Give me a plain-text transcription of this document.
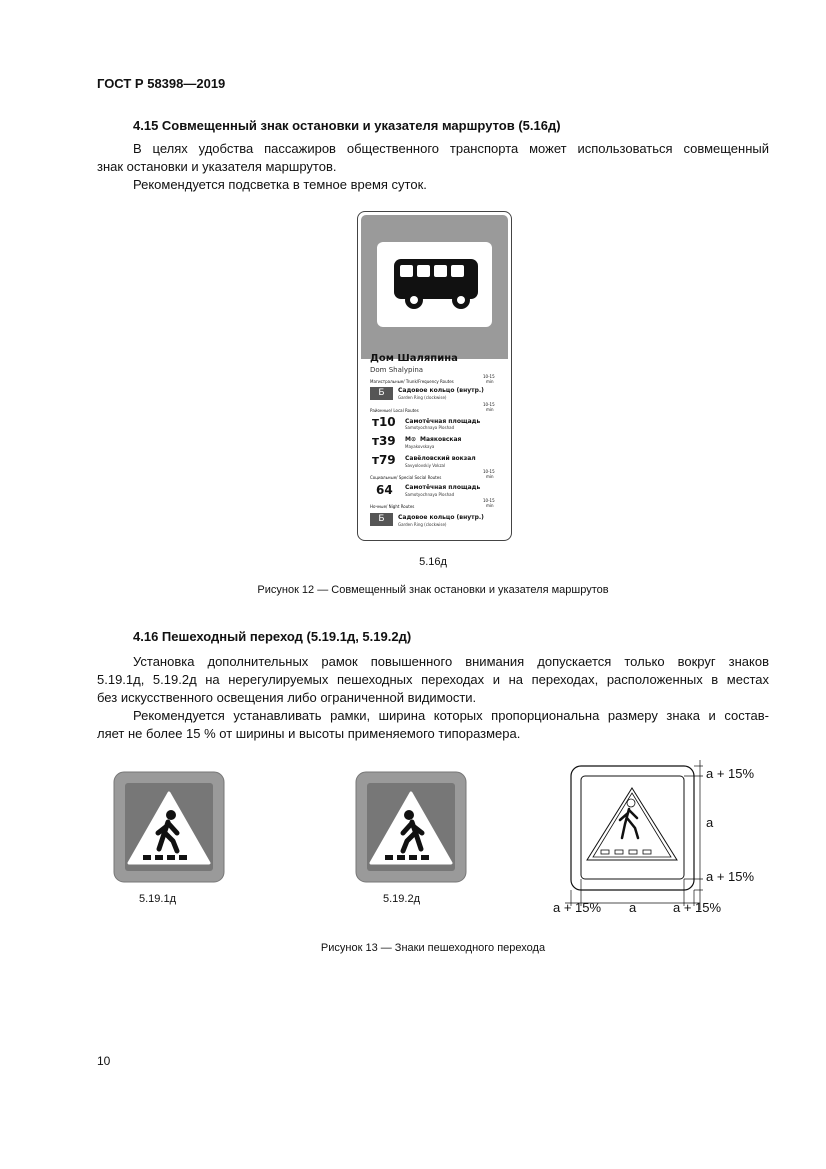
ГОСТ Р 58398—2019
4.15 Совмещенный знак остановки и указателя маршрутов (5.16д)
В целях удобства пассажиров общественного транспорта может использоваться совмещенный
знак остановки и указателя маршрутов.
Рекомендуется подсветка в темное время суток.
Дом Шаляпина
Dom Shalypina
Магистральные/ Trunk/Frequency Routes
10-15
min
Б	Садовое кольцо (внутр.)
Garden Ring (clockwise)
Районные/ Local Routes
10-15
min
т10 Самотёчная площадь
Samotyochnaya Ploshad
т39 М⊙ Маяковская
Mayakovskaya
т79 Савёловский вокзал
Savyolovskiy Vokzal
Социальные/ Special Social Routes
10-15
min
64 Самотёчная площадь
Samotyochnaya Ploshad
Ночные/ Night Routes
10-15
min
Б	Садовое кольцо (внутр.)
Garden Ring (clockwise)
5.16д
Рисунок 12 — Совмещенный знак остановки и указателя маршрутов
4.16 Пешеходный переход (5.19.1д, 5.19.2д)
Установка дополнительных рамок повышенного внимания допускается только вокруг знаков
5.19.1д, 5.19.2д на нерегулируемых пешеходных переходах и на переходах, расположенных в местах
без искусственного освещения либо ограниченной видимости.
Рекомендуется устанавливать рамки, ширина которых пропорциональна размеру знака и состав-
ляет не более 15 % от ширины и высоты применяемого типоразмера.
5.19.1д	5.19.2д
a + 15%
a
a + 15%
a + 15% a	a + 15%
Рисунок 13 — Знаки пешеходного перехода
10
